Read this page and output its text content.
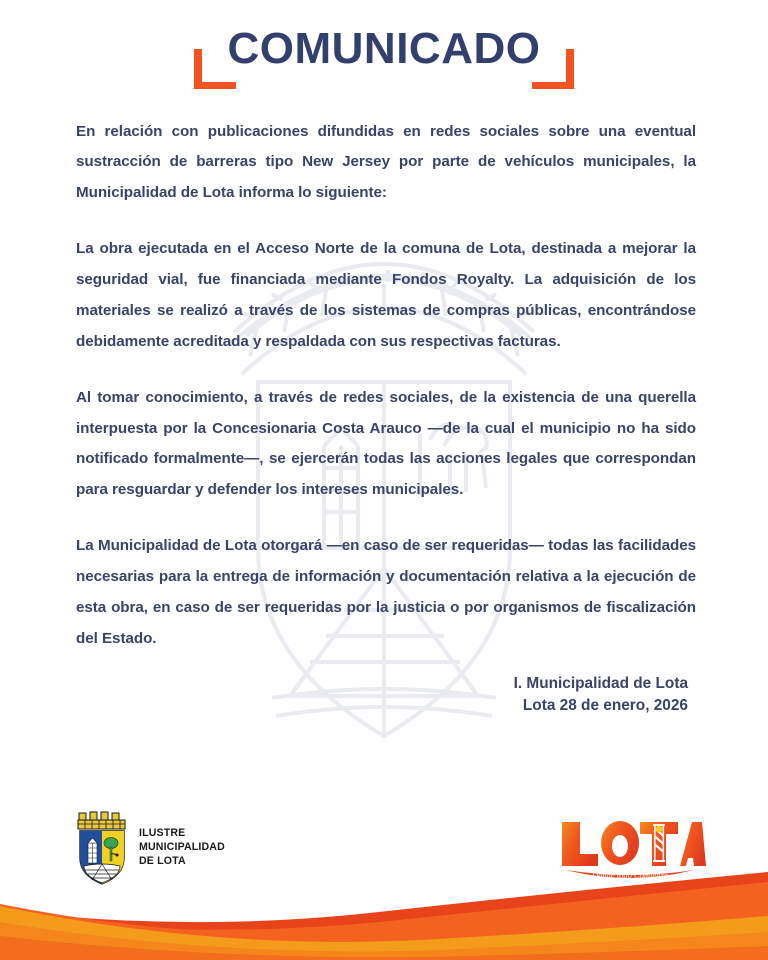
COMUNICADO

En relación con publicaciones difundidas en redes sociales sobre una eventual sustracción de barreras tipo New Jersey por parte de vehículos municipales, la Municipalidad de Lota informa lo siguiente:

La obra ejecutada en el Acceso Norte de la comuna de Lota, destinada a mejorar la seguridad vial, fue financiada mediante Fondos Royalty. La adquisición de los materiales se realizó a través de los sistemas de compras públicas, encontrándose debidamente acreditada y respaldada con sus respectivas facturas.

Al tomar conocimiento, a través de redes sociales, de la existencia de una querella interpuesta por la Concesionaria Costa Arauco —de la cual el municipio no ha sido notificado formalmente—, se ejercerán todas las acciones legales que correspondan para resguardar y defender los intereses municipales.

La Municipalidad de Lota otorgará —en caso de ser requeridas— todas las facilidades necesarias para la entrega de información y documentación relativa a la ejecución de esta obra, en caso de ser requeridas por la justicia o por organismos de fiscalización del Estado.

I. Municipalidad de Lota
Lota 28 de enero, 2026
ILUSTRE
MUNICIPALIDAD
DE LOTA
Donde todo Comienza
